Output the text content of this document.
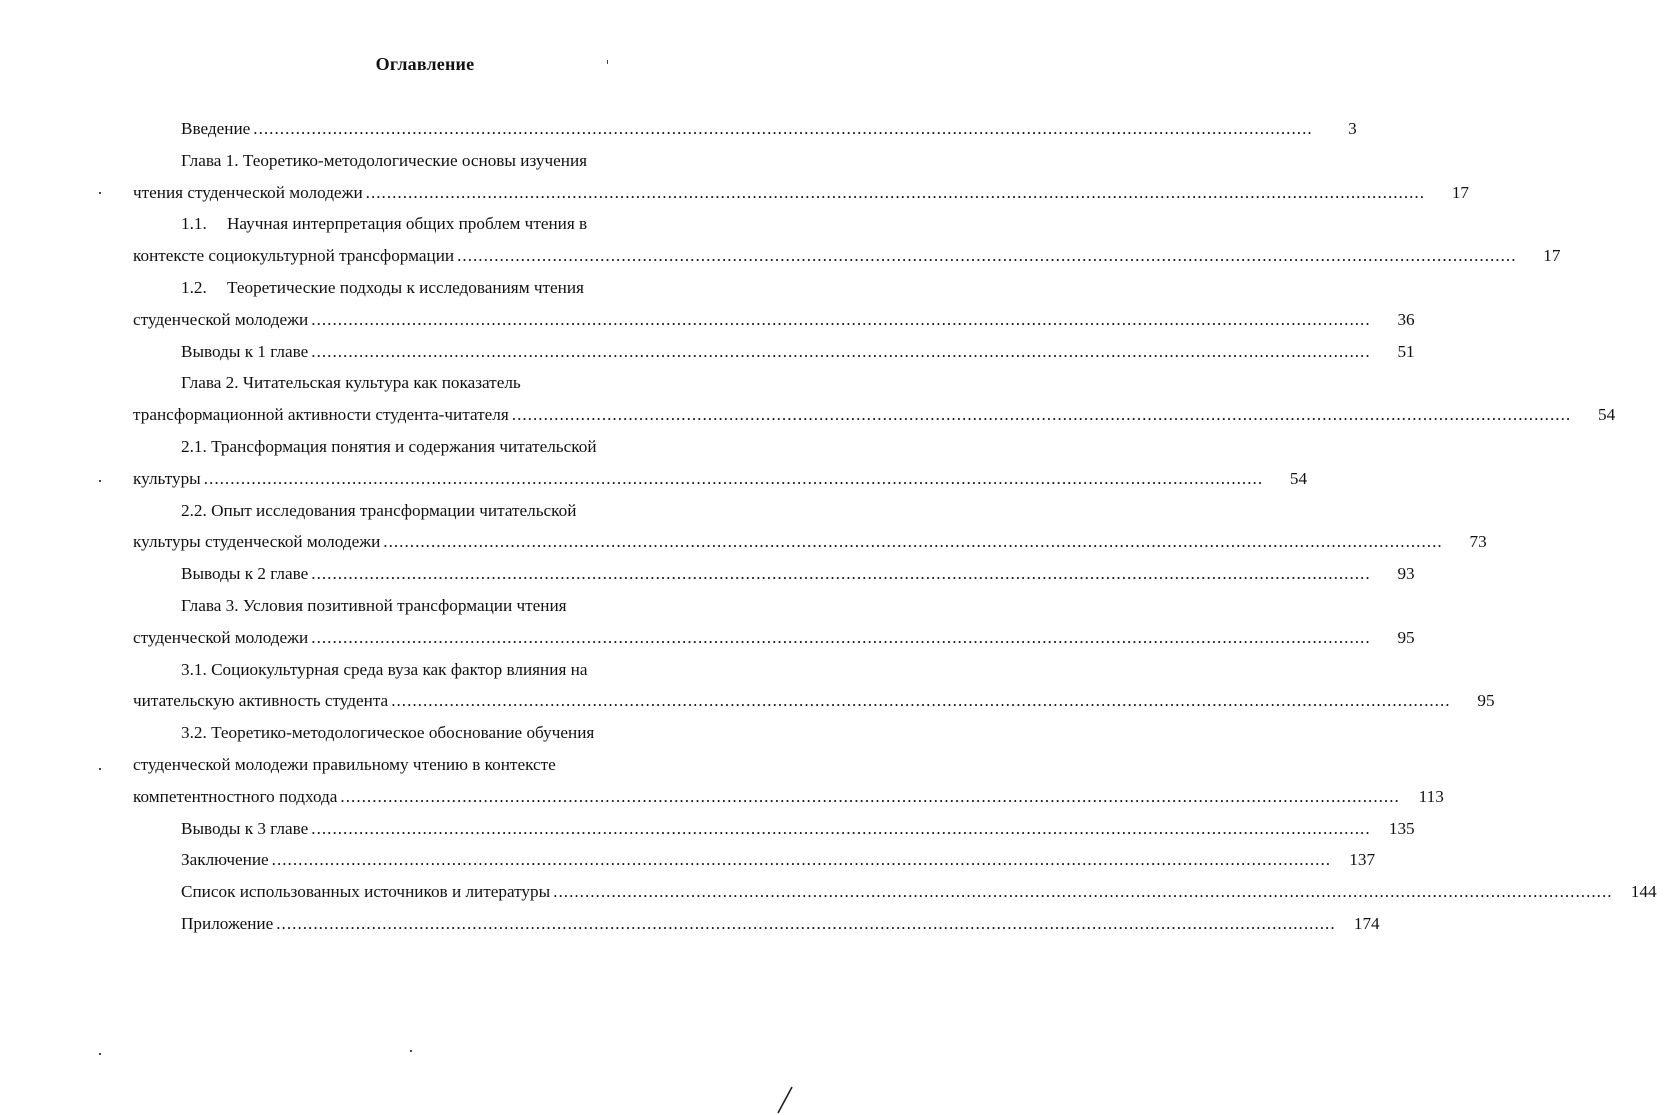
Оглавление
Введение ........................................................................................................................................................................................................	3
Глава 1. Теоретико-методологические основы изучения
чтения студенческой молодежи ........................................................................................................................................................................................................	17
1.1. Научная интерпретация общих проблем чтения в
контексте социокультурной трансформации ........................................................................................................................................................................................................	17
1.2. Теоретические подходы к исследованиям чтения
студенческой молодежи ........................................................................................................................................................................................................	36
Выводы к 1 главе ........................................................................................................................................................................................................	51
Глава 2. Читательская культура как показатель
трансформационной активности студента-читателя ........................................................................................................................................................................................................	54
2.1. Трансформация понятия и содержания читательской
культуры ........................................................................................................................................................................................................	54
2.2. Опыт исследования трансформации читательской
культуры студенческой молодежи ........................................................................................................................................................................................................	73
Выводы к 2 главе ........................................................................................................................................................................................................	93
Глава 3. Условия позитивной трансформации чтения
студенческой молодежи ........................................................................................................................................................................................................	95
3.1. Социокультурная среда вуза как фактор влияния на
читательскую активность студента ........................................................................................................................................................................................................	95
3.2. Теоретико-методологическое обоснование обучения
студенческой молодежи правильному чтению в контексте
компетентностного подхода ........................................................................................................................................................................................................	113
Выводы к 3 главе ........................................................................................................................................................................................................	135
Заключение ........................................................................................................................................................................................................	137
Список использованных источников и литературы ........................................................................................................................................................................................................	144
Приложение ........................................................................................................................................................................................................	174
